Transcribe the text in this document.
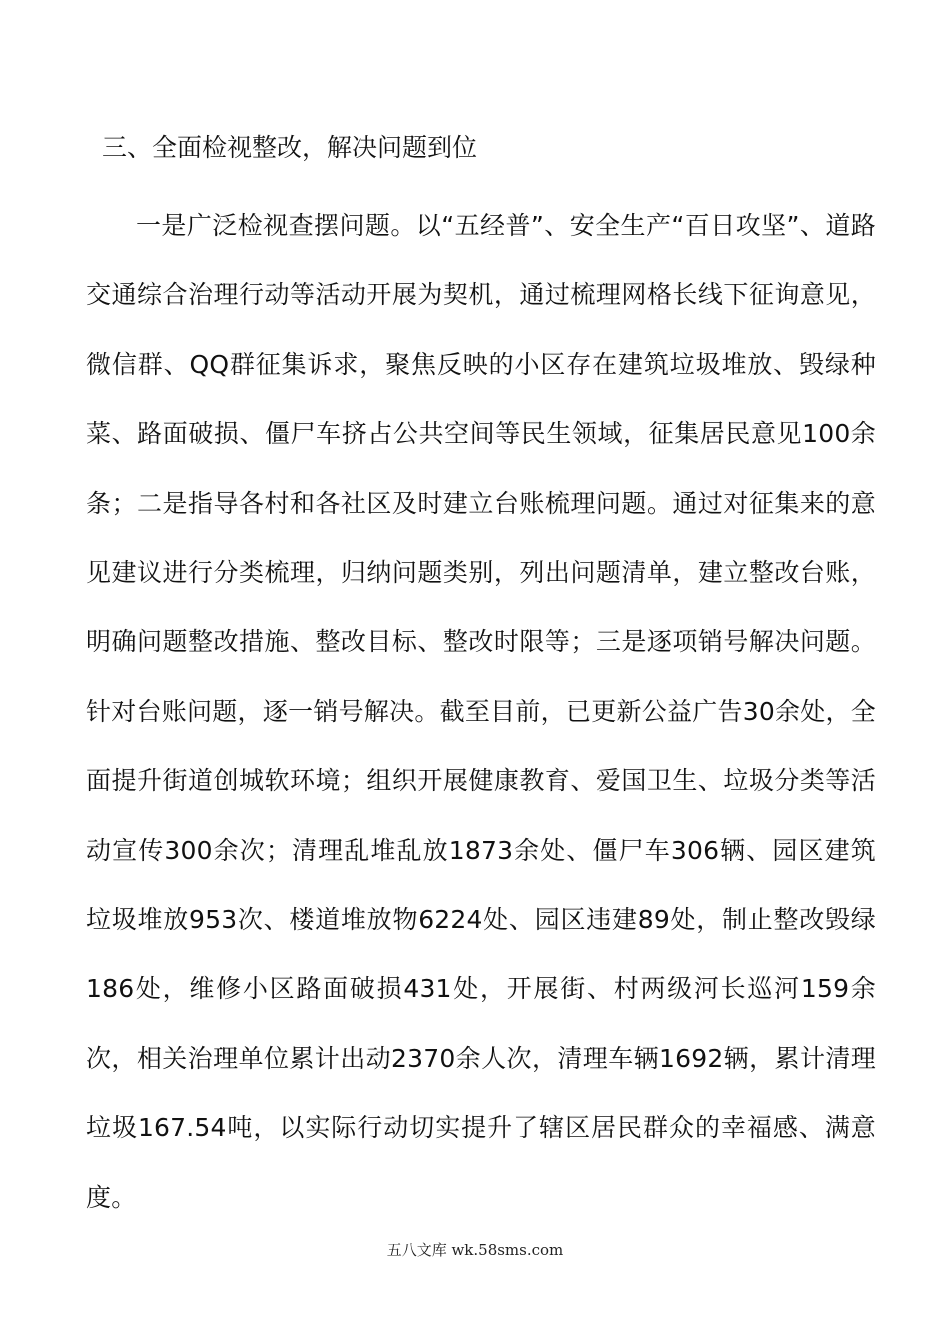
三、全面检视整改，解决问题到位

一是广泛检视查摆问题。以“五经普”、安全生产“百日攻坚”、道路交通综合治理行动等活动开展为契机，通过梳理网格长线下征询意见，微信群、QQ群征集诉求，聚焦反映的小区存在建筑垃圾堆放、毁绿种菜、路面破损、僵尸车挤占公共空间等民生领域，征集居民意见100余条；二是指导各村和各社区及时建立台账梳理问题。通过对征集来的意见建议进行分类梳理，归纳问题类别，列出问题清单，建立整改台账，明确问题整改措施、整改目标、整改时限等；三是逐项销号解决问题。针对台账问题，逐一销号解决。截至目前，已更新公益广告30余处，全面提升街道创城软环境；组织开展健康教育、爱国卫生、垃圾分类等活动宣传300余次；清理乱堆乱放1873余处、僵尸车306辆、园区建筑垃圾堆放953次、楼道堆放物6224处、园区违建89处，制止整改毁绿186处，维修小区路面破损431处，开展街、村两级河长巡河159余次，相关治理单位累计出动2370余人次，清理车辆1692辆，累计清理垃圾167.54吨，以实际行动切实提升了辖区居民群众的幸福感、满意度。

五八文库 wk.58sms.com
